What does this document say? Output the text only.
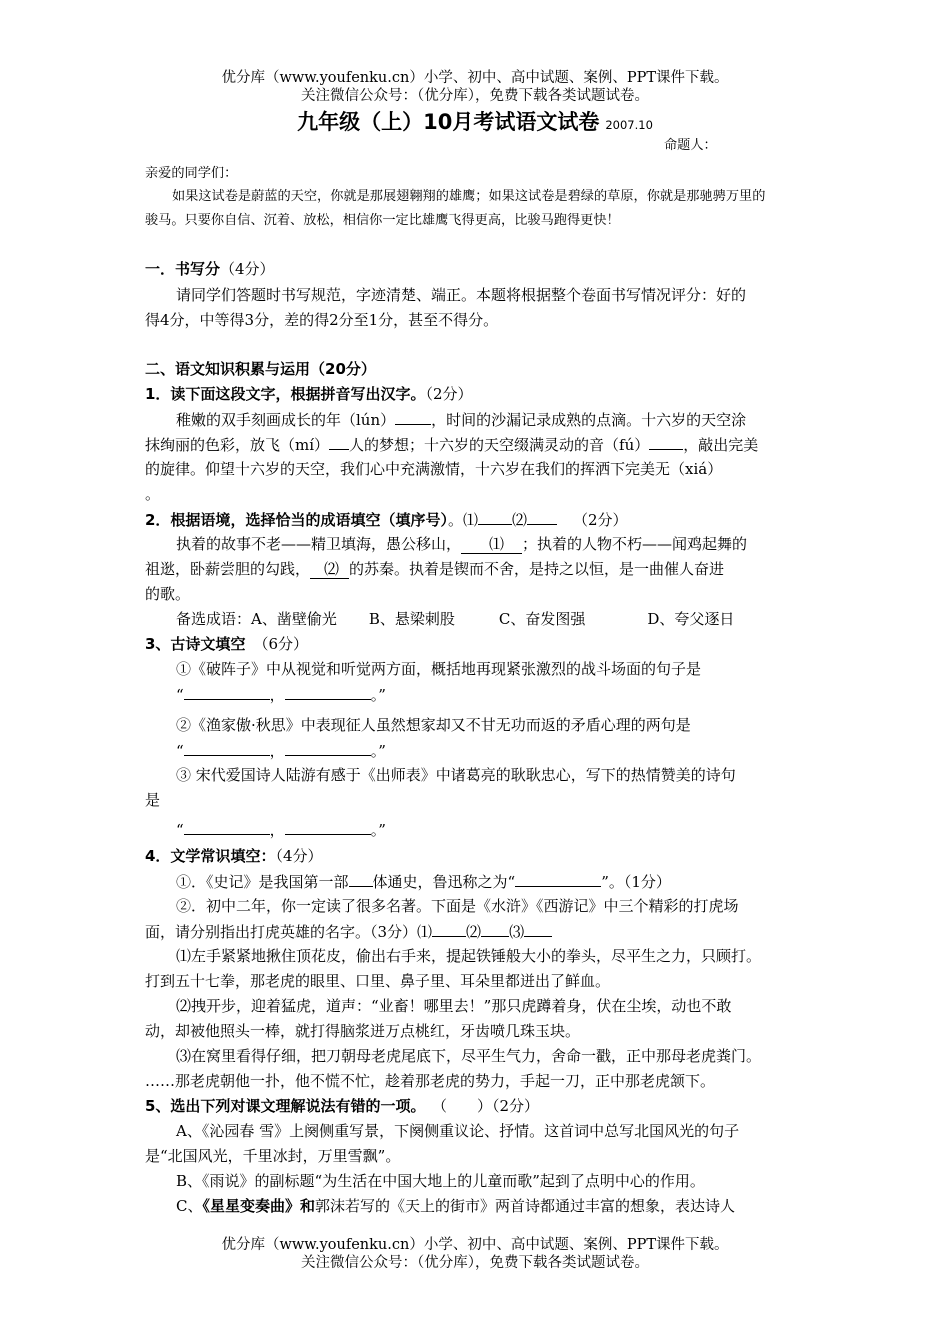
优分库（www.youfenku.cn）小学、初中、高中试题、案例、PPT课件下载。
关注微信公众号：（优分库），免费下载各类试题试卷。
九年级（上）10月考试语文试卷 2007.10
命题人：
亲爱的同学们：
如果这试卷是蔚蓝的天空，你就是那展翅翱翔的雄鹰；如果这试卷是碧绿的草原，你就是那驰骋万里的
骏马。只要你自信、沉着、放松，相信你一定比雄鹰飞得更高，比骏马跑得更快！
一．书写分（4分）
请同学们答题时书写规范，字迹清楚、端正。本题将根据整个卷面书写情况评分：好的
得4分，中等得3分，差的得2分至1分，甚至不得分。
二、语文知识积累与运用（20分）
1．读下面这段文字，根据拼音写出汉字。（2分）
稚嫩的双手刻画成长的年（lún） ，时间的沙漏记录成熟的点滴。十六岁的天空涂
抹绚丽的色彩，放飞（mí） 人的梦想；十六岁的天空缀满灵动的音（fú） ，敲出完美
的旋律。仰望十六岁的天空，我们心中充满激情，十六岁在我们的挥洒下完美无（xiá）
。
2．根据语境，选择恰当的成语填空（填序号）。⑴ ⑵	（2分）
执着的故事不老——精卫填海，愚公移山， ⑴ ；执着的人物不朽——闻鸡起舞的
祖逖，卧薪尝胆的勾践， ⑵ 的苏秦。执着是锲而不舍，是持之以恒，是一曲催人奋进
的歌。
备选成语：A、凿壁偷光 B、悬梁刺股	C、奋发图强	D、夸父逐日
3、古诗文填空 （6分）
①《破阵子》中从视觉和听觉两方面，概括地再现紧张激烈的战斗场面的句子是
“	，	。”
②《渔家傲·秋思》中表现征人虽然想家却又不甘无功而返的矛盾心理的两句是
“	，	。”
③ 宋代爱国诗人陆游有感于《出师表》中诸葛亮的耿耿忠心，写下的热情赞美的诗句
是
“	，	。”
4．文学常识填空：（4分）
①．《史记》是我国第一部 体通史，鲁迅称之为“	”。（1分）
②．初中二年，你一定读了很多名著。下面是《水浒》《西游记》中三个精彩的打虎场
面，请分别指出打虎英雄的名字。（3分）⑴ ⑵ ⑶
⑴左手紧紧地揪住顶花皮，偷出右手来，提起铁锤般大小的拳头，尽平生之力，只顾打。
打到五十七拳，那老虎的眼里、口里、鼻子里、耳朵里都迸出了鲜血。
⑵拽开步，迎着猛虎，道声：“业畜！哪里去！”那只虎蹲着身，伏在尘埃，动也不敢
动，却被他照头一棒，就打得脑浆迸万点桃红，牙齿喷几珠玉块。
⑶在窝里看得仔细，把刀朝母老虎尾底下，尽平生气力，舍命一戳，正中那母老虎粪门。
……那老虎朝他一扑，他不慌不忙，趁着那老虎的势力，手起一刀，正中那老虎颔下。
5、选出下列对课文理解说法有错的一项。 （　　）（2分）
A、《沁园春 雪》上阕侧重写景，下阕侧重议论、抒情。这首词中总写北国风光的句子
是“北国风光，千里冰封，万里雪飘”。
B、《雨说》的副标题“为生活在中国大地上的儿童而歌”起到了点明中心的作用。
C、《星星变奏曲》和郭沫若写的《天上的街市》两首诗都通过丰富的想象，表达诗人
优分库（www.youfenku.cn）小学、初中、高中试题、案例、PPT课件下载。
关注微信公众号：（优分库），免费下载各类试题试卷。
